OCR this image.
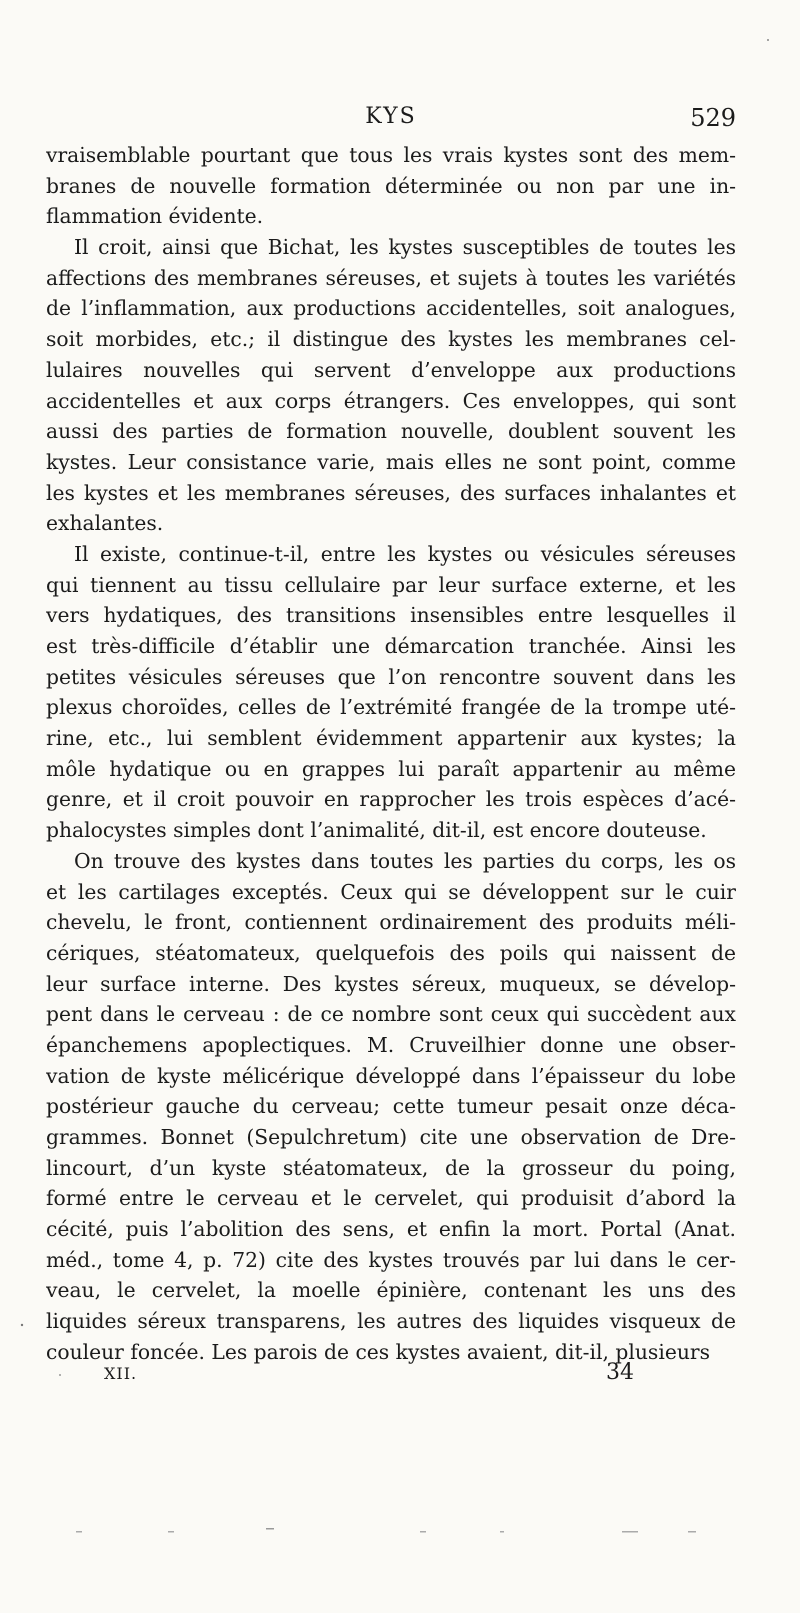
KYS	529
vraisemblable pourtant que tous les vrais kystes sont des mem-
branes de nouvelle formation déterminée ou non par une in-
flammation évidente.
Il croit, ainsi que Bichat, les kystes susceptibles de toutes les
affections des membranes séreuses, et sujets à toutes les variétés
de l’inflammation, aux productions accidentelles, soit analogues,
soit morbides, etc.; il distingue des kystes les membranes cel-
lulaires nouvelles qui servent d’enveloppe aux productions
accidentelles et aux corps étrangers. Ces enveloppes, qui sont
aussi des parties de formation nouvelle, doublent souvent les
kystes. Leur consistance varie, mais elles ne sont point, comme
les kystes et les membranes séreuses, des surfaces inhalantes et
exhalantes.
Il existe, continue-t-il, entre les kystes ou vésicules séreuses
qui tiennent au tissu cellulaire par leur surface externe, et les
vers hydatiques, des transitions insensibles entre lesquelles il
est très-difficile d’établir une démarcation tranchée. Ainsi les
petites vésicules séreuses que l’on rencontre souvent dans les
plexus choroïdes, celles de l’extrémité frangée de la trompe uté-
rine, etc., lui semblent évidemment appartenir aux kystes; la
môle hydatique ou en grappes lui paraît appartenir au même
genre, et il croit pouvoir en rapprocher les trois espèces d’acé-
phalocystes simples dont l’animalité, dit-il, est encore douteuse.
On trouve des kystes dans toutes les parties du corps, les os
et les cartilages exceptés. Ceux qui se développent sur le cuir
chevelu, le front, contiennent ordinairement des produits méli-
cériques, stéatomateux, quelquefois des poils qui naissent de
leur surface interne. Des kystes séreux, muqueux, se dévelop-
pent dans le cerveau : de ce nombre sont ceux qui succèdent aux
épanchemens apoplectiques. M. Cruveilhier donne une obser-
vation de kyste mélicérique développé dans l’épaisseur du lobe
postérieur gauche du cerveau; cette tumeur pesait onze déca-
grammes. Bonnet (Sepulchretum) cite une observation de Dre-
lincourt, d’un kyste stéatomateux, de la grosseur du poing,
formé entre le cerveau et le cervelet, qui produisit d’abord la
cécité, puis l’abolition des sens, et enfin la mort. Portal (Anat.
méd., tome 4, p. 72) cite des kystes trouvés par lui dans le cer-
veau, le cervelet, la moelle épinière, contenant les uns des
liquides séreux transparens, les autres des liquides visqueux de
couleur foncée. Les parois de ces kystes avaient, dit-il, plusieurs
XII.	34
